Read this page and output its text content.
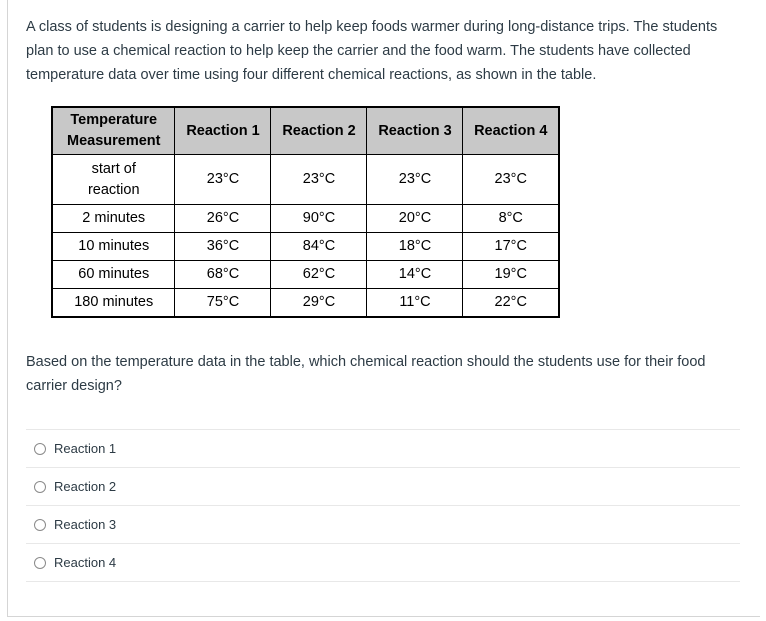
A class of students is designing a carrier to help keep foods warmer during long-distance trips. The students plan to use a chemical reaction to help keep the carrier and the food warm. The students have collected temperature data over time using four different chemical reactions, as shown in the table.

Temperature Measurement	Reaction 1	Reaction 2	Reaction 3	Reaction 4
start of reaction	23°C	23°C	23°C	23°C
2 minutes	26°C	90°C	20°C	8°C
10 minutes	36°C	84°C	18°C	17°C
60 minutes	68°C	62°C	14°C	19°C
180 minutes	75°C	29°C	11°C	22°C

Based on the temperature data in the table, which chemical reaction should the students use for their food carrier design?

Reaction 1
Reaction 2
Reaction 3
Reaction 4
